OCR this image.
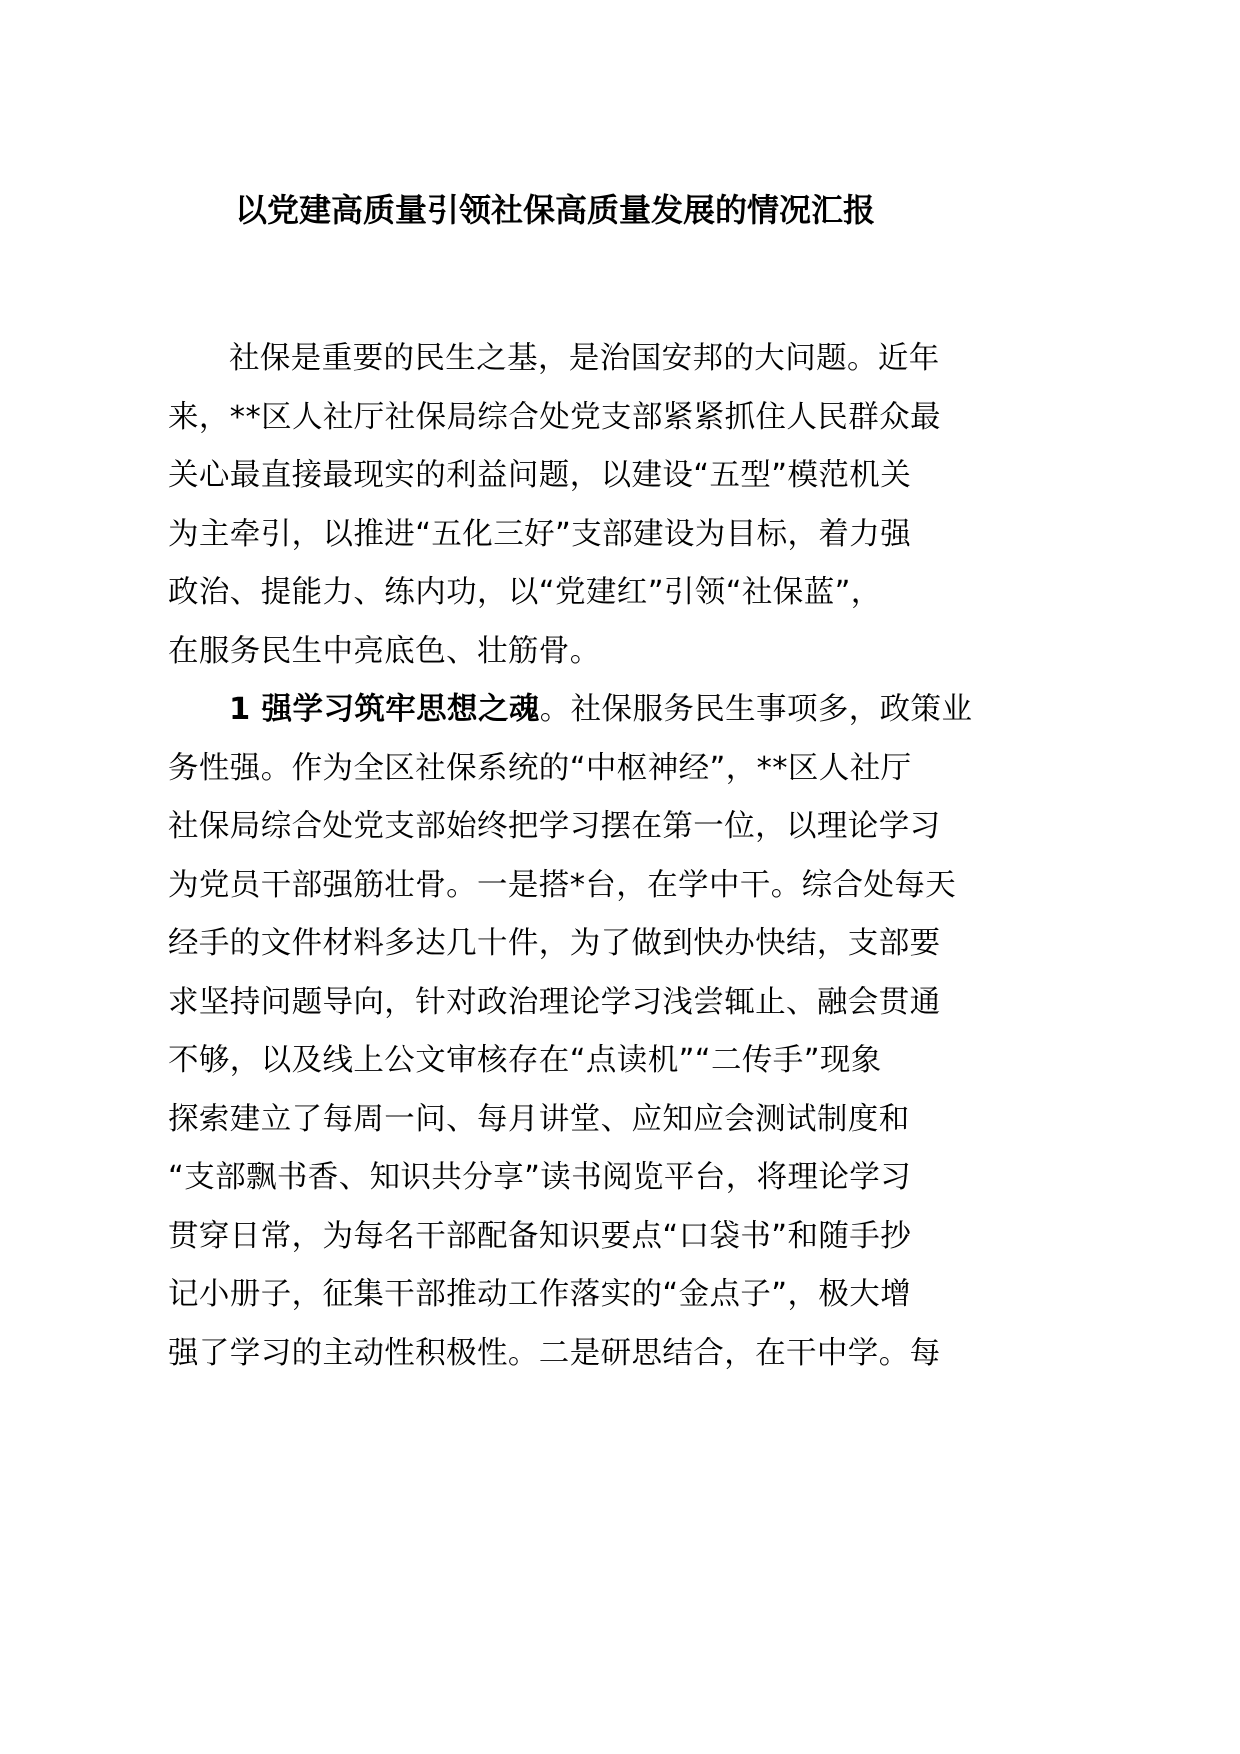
以党建高质量引领社保高质量发展的情况汇报
社保是重要的民生之基，是治国安邦的大问题。近年
来，**区人社厅社保局综合处党支部紧紧抓住人民群众最
关心最直接最现实的利益问题，以建设“五型”模范机关
为主牵引，以推进“五化三好”支部建设为目标，着力强
政治、提能力、练内功，以“党建红”引领“社保蓝”，
在服务民生中亮底色、壮筋骨。
1 强学习筑牢思想之魂。社保服务民生事项多，政策业
务性强。作为全区社保系统的“中枢神经”，**区人社厅
社保局综合处党支部始终把学习摆在第一位，以理论学习
为党员干部强筋壮骨。一是搭*台，在学中干。综合处每天
经手的文件材料多达几十件，为了做到快办快结，支部要
求坚持问题导向，针对政治理论学习浅尝辄止、融会贯通
不够，以及线上公文审核存在“点读机”“二传手”现象
探索建立了每周一问、每月讲堂、应知应会测试制度和
“支部飘书香、知识共分享”读书阅览平台，将理论学习
贯穿日常，为每名干部配备知识要点“口袋书”和随手抄
记小册子，征集干部推动工作落实的“金点子”，极大增
强了学习的主动性积极性。二是研思结合，在干中学。每
